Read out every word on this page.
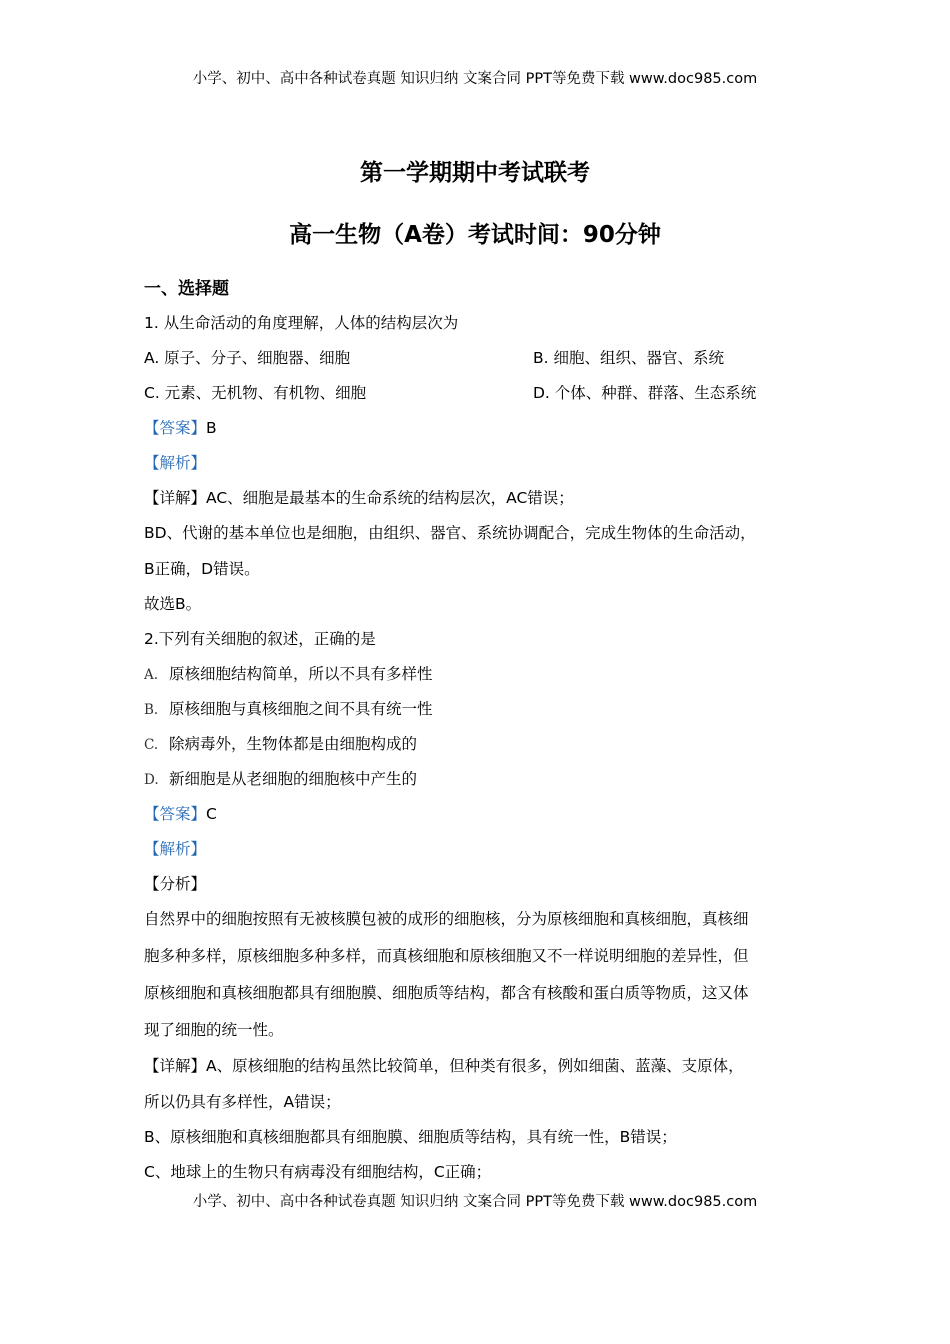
小学、初中、高中各种试卷真题 知识归纳 文案合同 PPT等免费下载 www.doc985.com
第一学期期中考试联考
高一生物（A卷）考试时间：90分钟
一、选择题
1. 从生命活动的角度理解，人体的结构层次为
A. 原子、分子、细胞器、细胞	B. 细胞、组织、器官、系统
C. 元素、无机物、有机物、细胞	D. 个体、种群、群落、生态系统
【答案】B
【解析】
【详解】AC、细胞是最基本的生命系统的结构层次，AC错误；
BD、代谢的基本单位也是细胞，由组织、器官、系统协调配合，完成生物体的生命活动，
B正确，D错误。
故选B。
2.下列有关细胞的叙述，正确的是
A. 原核细胞结构简单，所以不具有多样性
B. 原核细胞与真核细胞之间不具有统一性
C. 除病毒外，生物体都是由细胞构成的
D. 新细胞是从老细胞的细胞核中产生的
【答案】C
【解析】
【分析】
自然界中的细胞按照有无被核膜包被的成形的细胞核，分为原核细胞和真核细胞，真核细
胞多种多样，原核细胞多种多样，而真核细胞和原核细胞又不一样说明细胞的差异性，但
原核细胞和真核细胞都具有细胞膜、细胞质等结构，都含有核酸和蛋白质等物质，这又体
现了细胞的统一性。
【详解】A、原核细胞的结构虽然比较简单，但种类有很多，例如细菌、蓝藻、支原体，
所以仍具有多样性，A错误；
B、原核细胞和真核细胞都具有细胞膜、细胞质等结构，具有统一性，B错误；
C、地球上的生物只有病毒没有细胞结构，C正确；
小学、初中、高中各种试卷真题 知识归纳 文案合同 PPT等免费下载 www.doc985.com
